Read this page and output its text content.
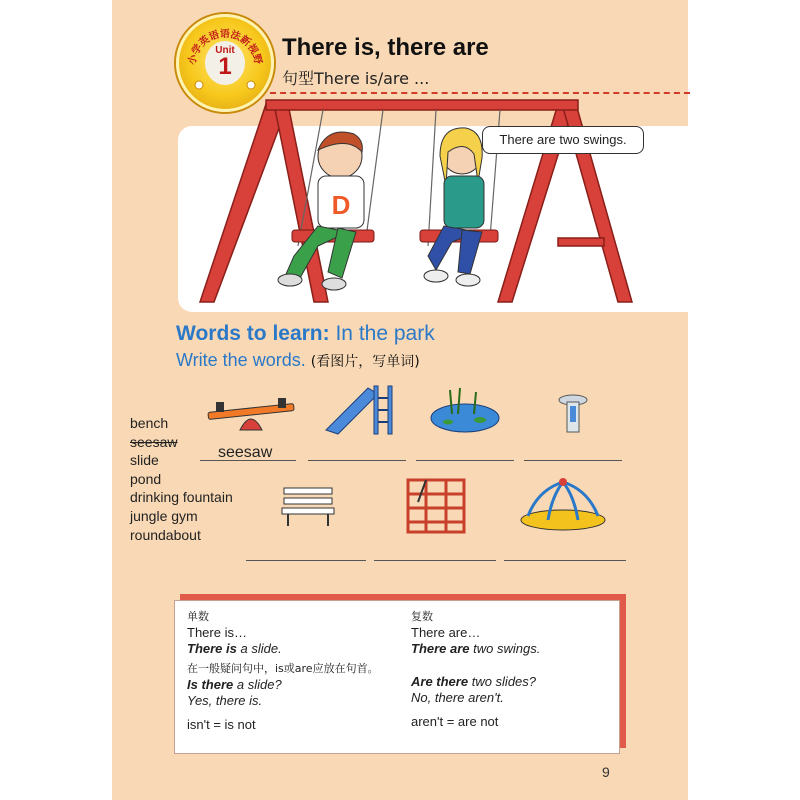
小学英语语法新视野
Unit
1
There is, there are
句型There is/are ...
D
There are two swings.
Words to learn: In the park
Write the words. (看图片，写单词)
bench
seesaw
slide
pond
drinking fountain
jungle gym
roundabout
seesaw
单数
There is…
There is a slide.
在一般疑问句中，is或are应放在句首。
Is there a slide?
Yes, there is.
isn't = is not
复数
There are…
There are two swings.
Are there two slides?
No, there aren't.
aren't = are not
9
